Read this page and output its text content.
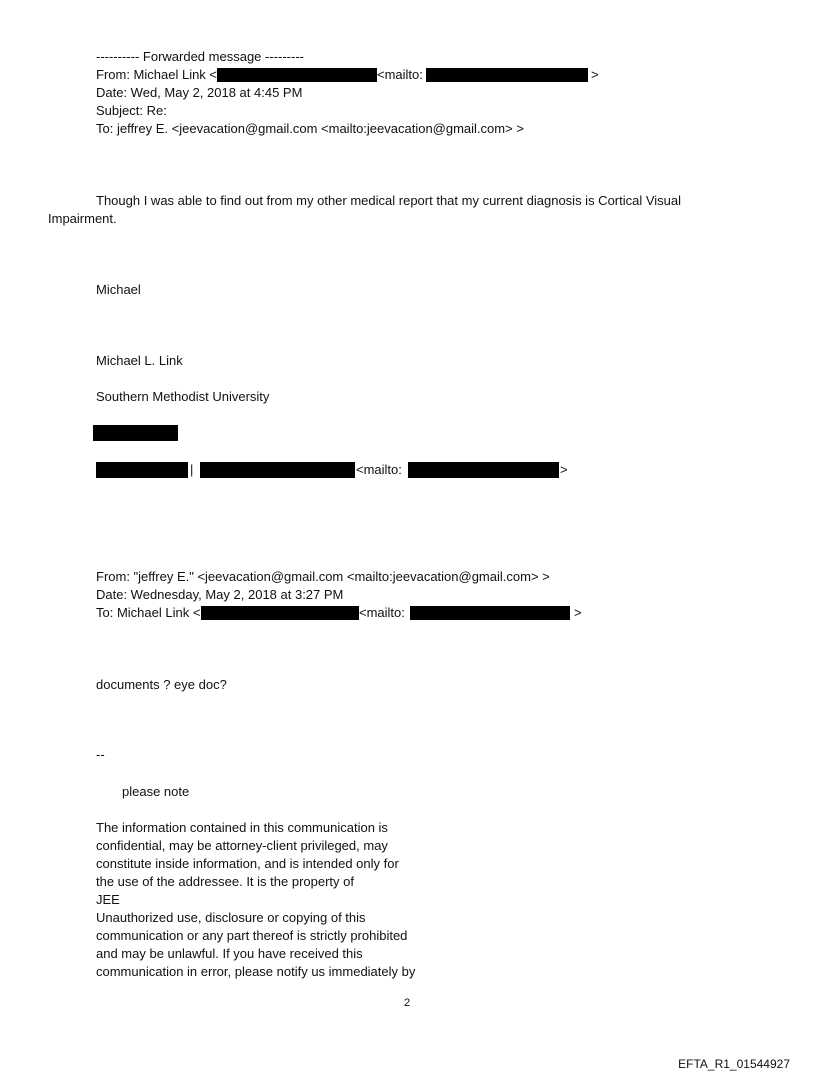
---------- Forwarded message ---------
From: Michael Link <	<mailto:	>
Date: Wed, May 2, 2018 at 4:45 PM
Subject: Re:
To: jeffrey E. <jeevacation@gmail.com <mailto:jeevacation@gmail.com> >
Though I was able to find out from my other medical report that my current diagnosis is Cortical Visual
Impairment.
Michael
Michael L. Link
Southern Methodist University
|	<mailto:	>
From: "jeffrey E." <jeevacation@gmail.com <mailto:jeevacation@gmail.com> >
Date: Wednesday, May 2, 2018 at 3:27 PM
To: Michael Link <	<mailto:	>
documents ? eye doc?
--
please note
The information contained in this communication is
confidential, may be attorney-client privileged, may
constitute inside information, and is intended only for
the use of the addressee. It is the property of
JEE
Unauthorized use, disclosure or copying of this
communication or any part thereof is strictly prohibited
and may be unlawful. If you have received this
communication in error, please notify us immediately by
2
EFTA_R1_01544927
